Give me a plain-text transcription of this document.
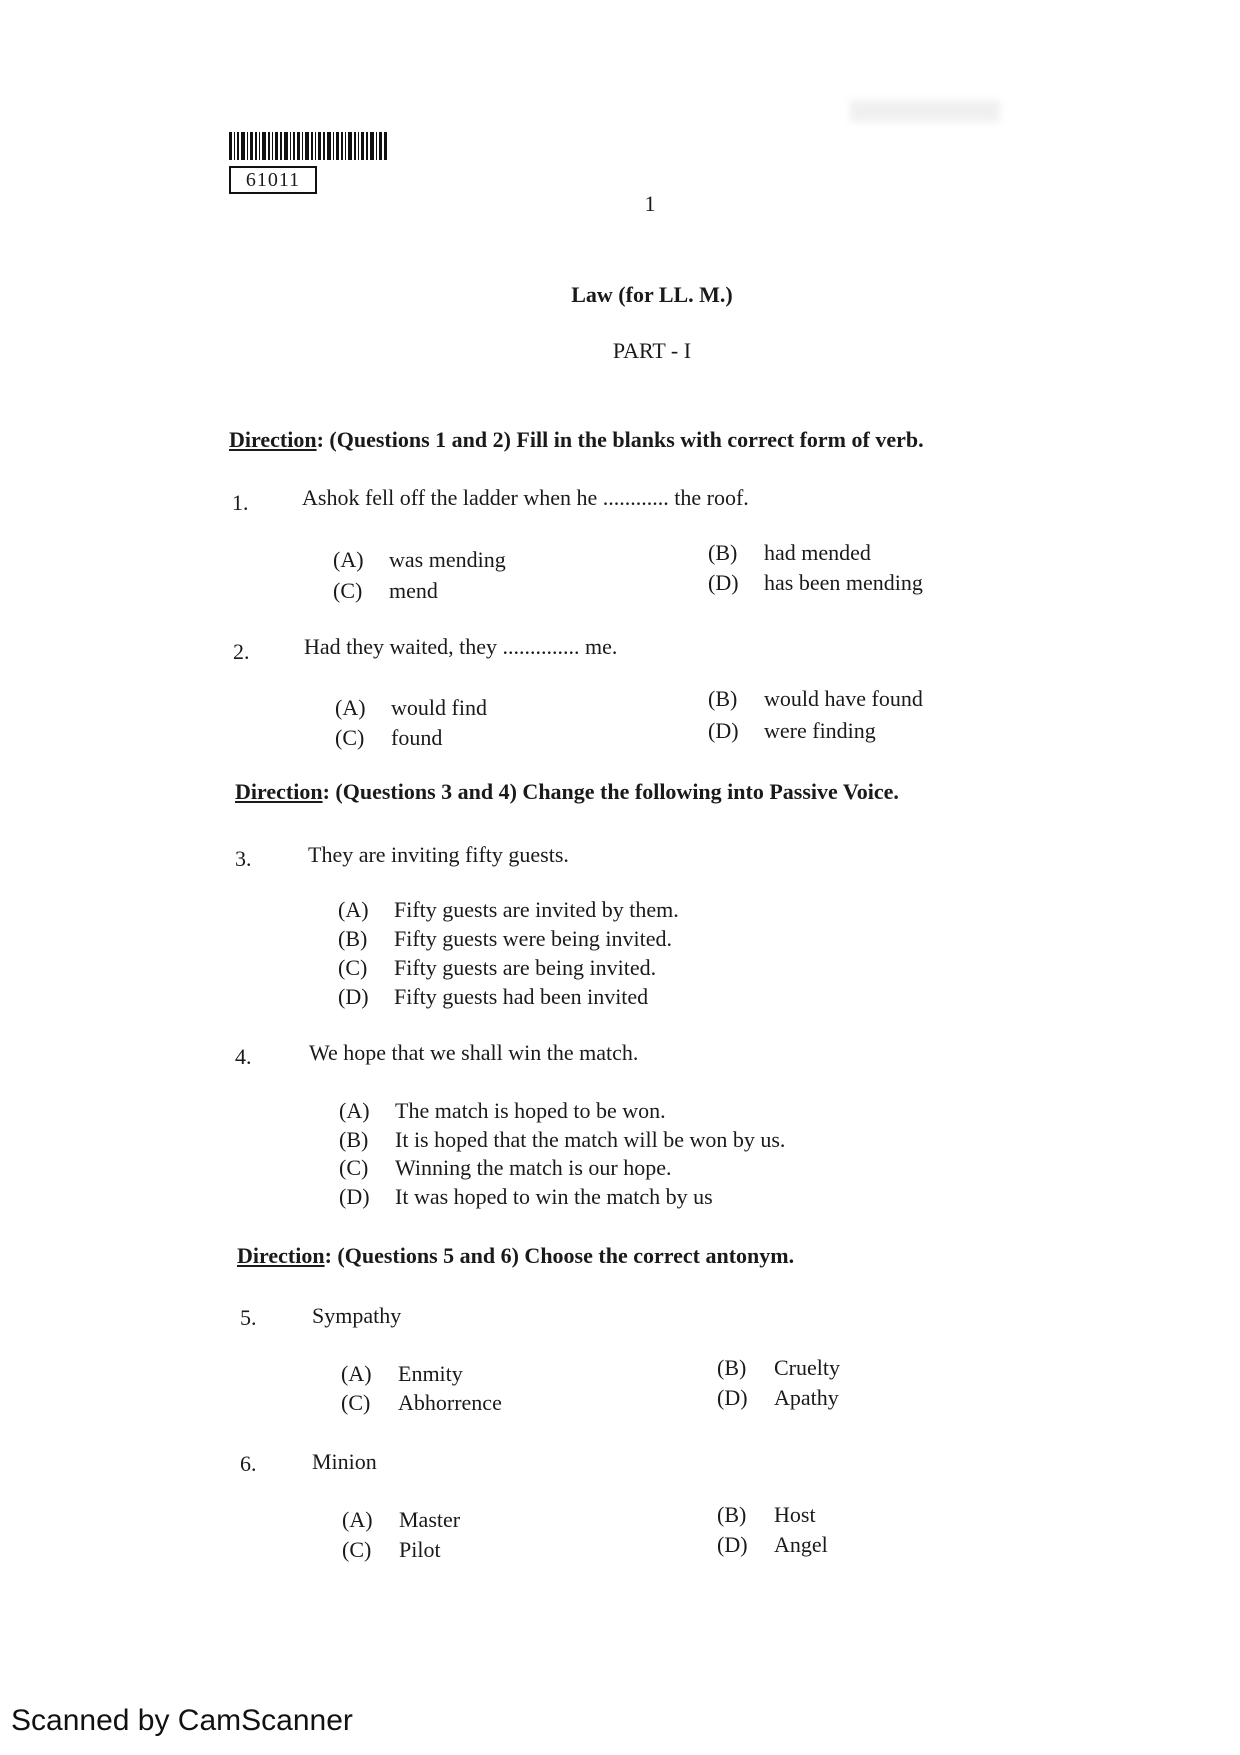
61011
1
Law (for LL. M.)
PART - I
Direction: (Questions 1 and 2) Fill in the blanks with correct form of verb.
1. Ashok fell off the ladder when he ............ the roof.
(A) was mending	(B) had mended
(C) mend	(D) has been mending
2. Had they waited, they .............. me.
(A) would find	(B) would have found
(C) found	(D) were finding
Direction: (Questions 3 and 4) Change the following into Passive Voice.
3.	They are inviting fifty guests.
(A) Fifty guests are invited by them.
(B) Fifty guests were being invited.
(C) Fifty guests are being invited.
(D) Fifty guests had been invited
4.	We hope that we shall win the match.
(A) The match is hoped to be won.
(B) It is hoped that the match will be won by us.
(C) Winning the match is our hope.
(D) It was hoped to win the match by us
Direction: (Questions 5 and 6) Choose the correct antonym.
5.	Sympathy
(A) Enmity	(B) Cruelty
(C) Abhorrence	(D) Apathy
6.	Minion
(A) Master	(B) Host
(C) Pilot	(D) Angel
Scanned by CamScanner
